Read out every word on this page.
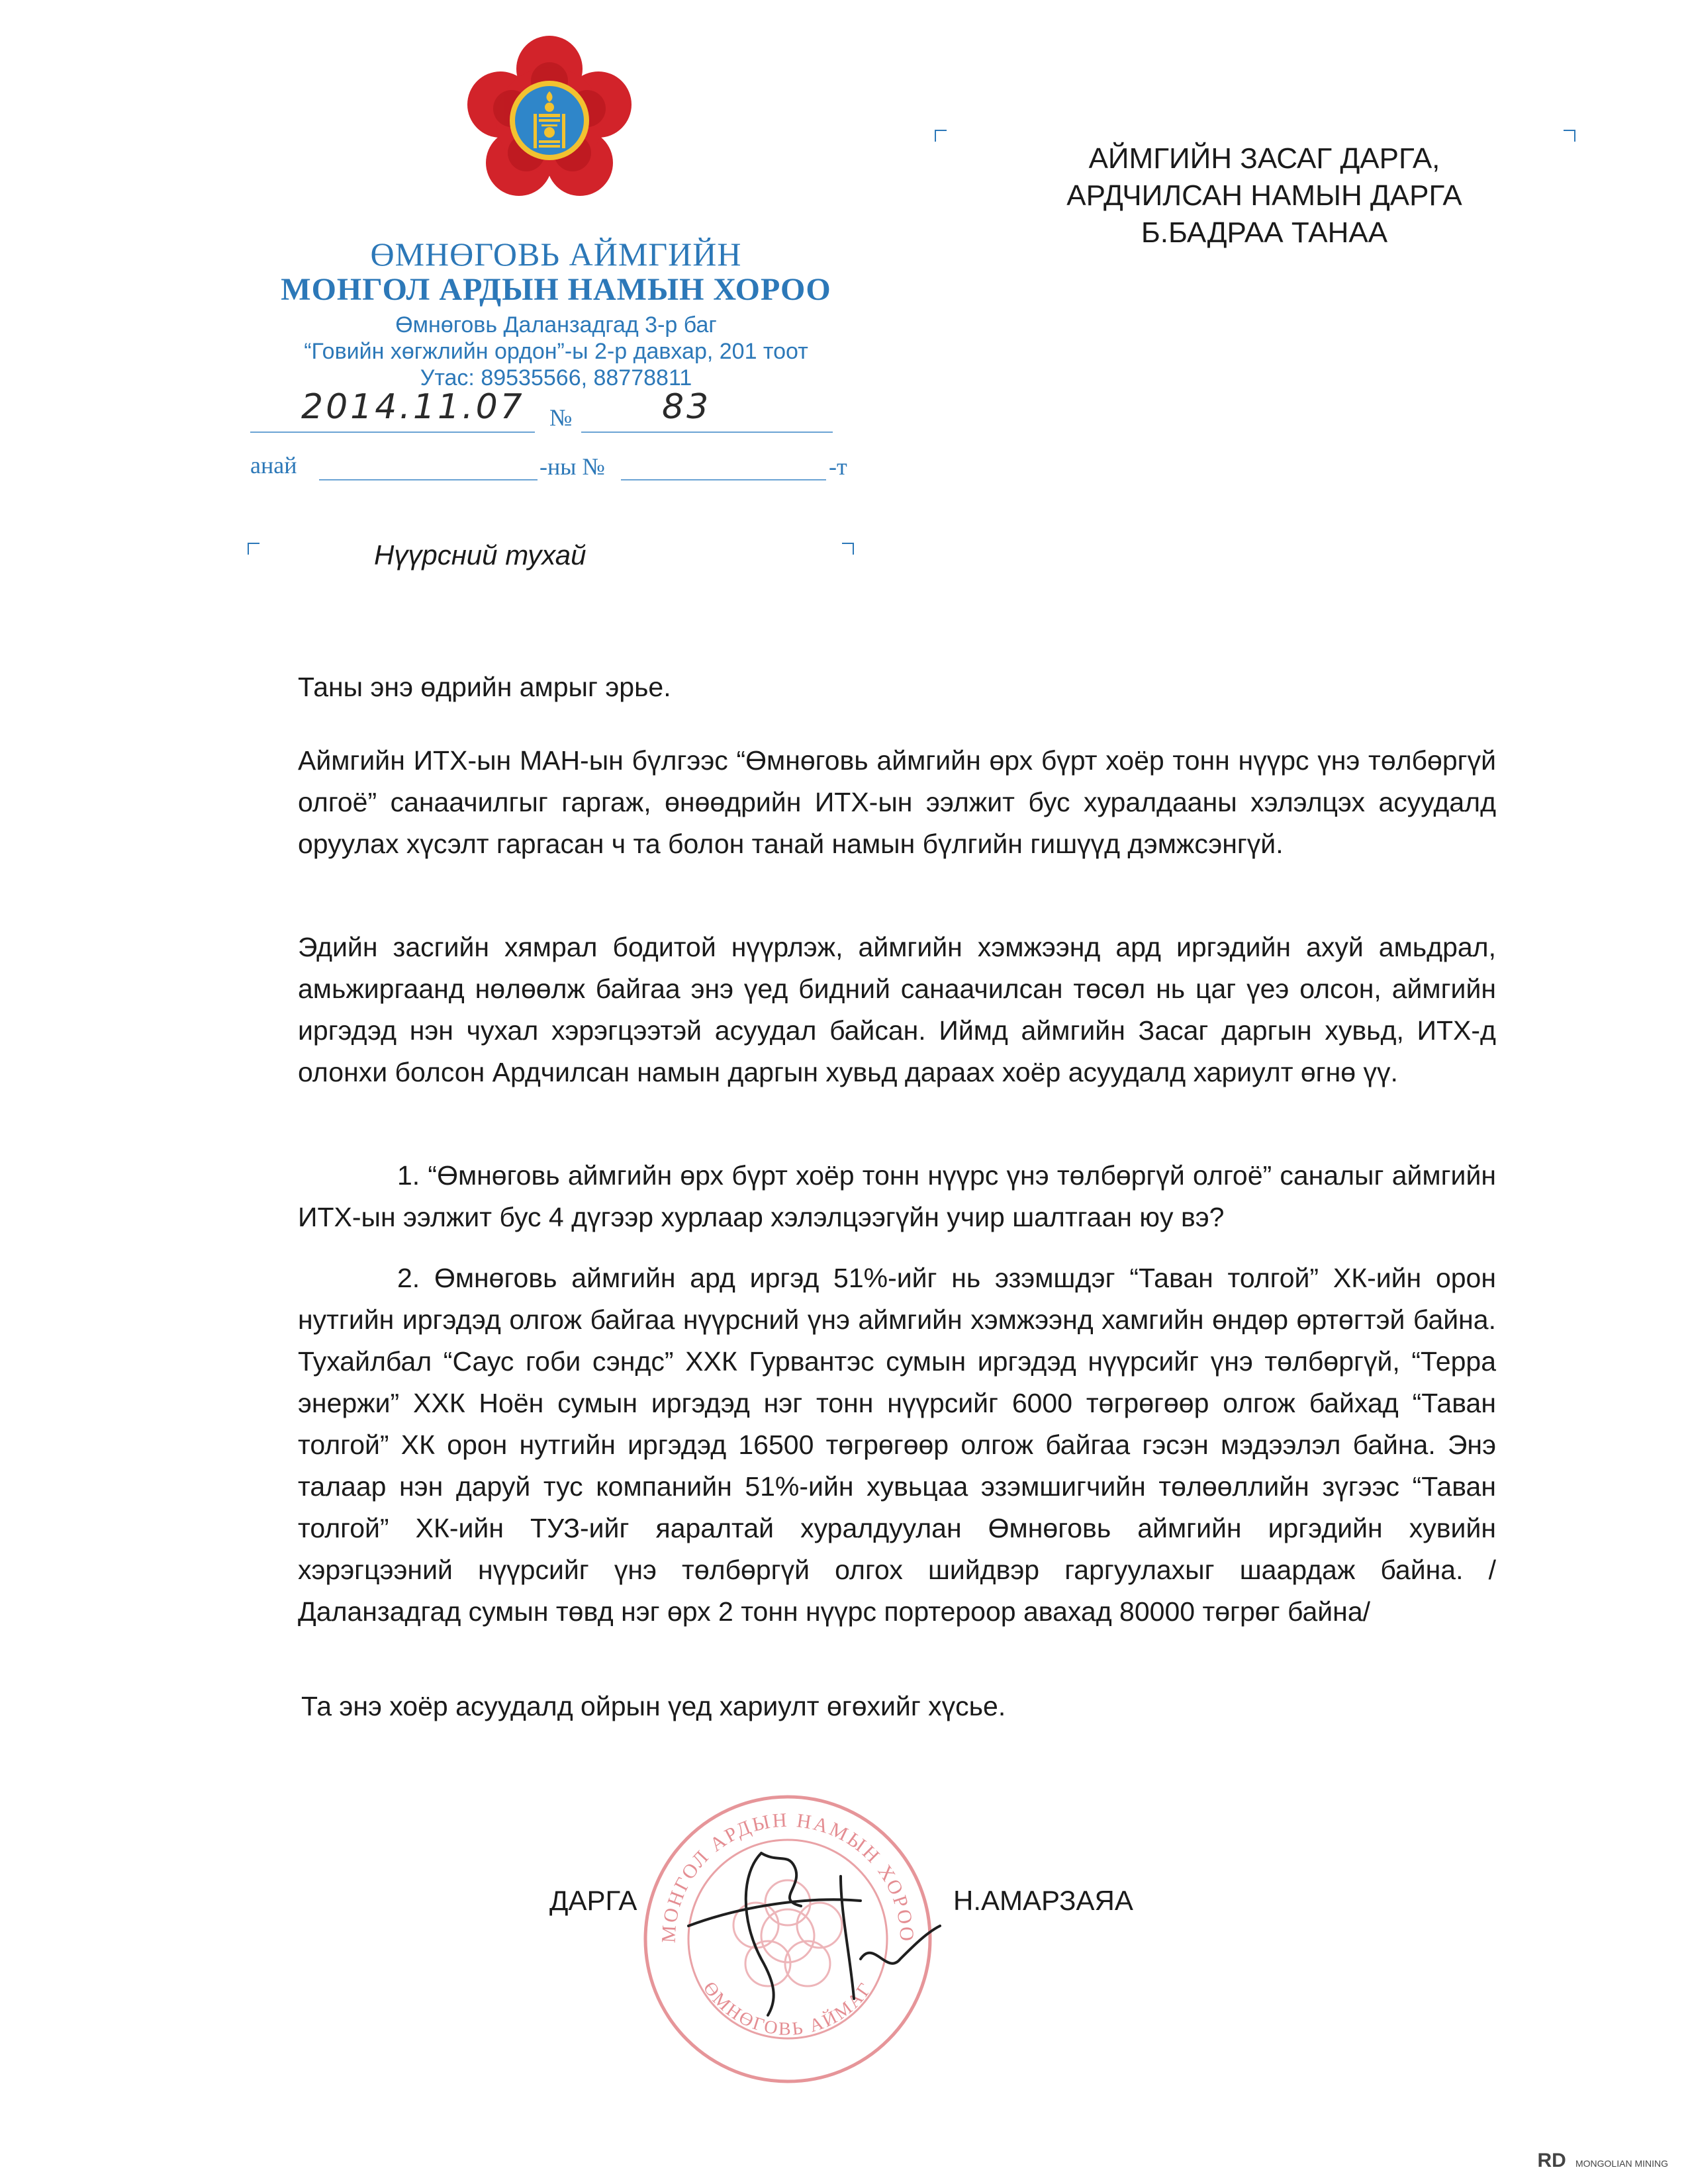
ӨМНӨГОВЬ АЙМГИЙН
МОНГОЛ АРДЫН НАМЫН ХОРОО
Өмнөговь Даланзадгад 3-р баг
“Говийн хөгжлийн ордон”-ы 2-р давхар, 201 тоот
Утас: 89535566, 88778811
2014.11.07 №	83
анай	-ны №	-т
АЙМГИЙН ЗАСАГ ДАРГА,
АРДЧИЛСАН НАМЫН ДАРГА
Б.БАДРАА ТАНАА
Нүүрсний тухай
Таны энэ өдрийн амрыг эрье.
Аймгийн ИТХ-ын МАН-ын бүлгээс “Өмнөговь аймгийн өрх бүрт хоёр тонн нүүрс үнэ төлбөргүй олгоё” санаачилгыг гаргаж, өнөөдрийн ИТХ-ын ээлжит бус хуралдааны хэлэлцэх асуудалд оруулах хүсэлт гаргасан ч та болон танай намын бүлгийн гишүүд дэмжсэнгүй.
Эдийн засгийн хямрал бодитой нүүрлэж, аймгийн хэмжээнд ард иргэдийн ахуй амьдрал, амьжиргаанд нөлөөлж байгаа энэ үед бидний санаачилсан төсөл нь цаг үеэ олсон, аймгийн иргэдэд нэн чухал хэрэгцээтэй асуудал байсан. Иймд аймгийн Засаг даргын хувьд, ИТХ-д олонхи болсон Ардчилсан намын даргын хувьд дараах хоёр асуудалд хариулт өгнө үү.
1. “Өмнөговь аймгийн өрх бүрт хоёр тонн нүүрс үнэ төлбөргүй олгоё” саналыг аймгийн ИТХ-ын ээлжит бус 4 дүгээр хурлаар хэлэлцээгүйн учир шалтгаан юу вэ?
2. Өмнөговь аймгийн ард иргэд 51%-ийг нь эзэмшдэг “Таван толгой” ХК-ийн орон нутгийн иргэдэд олгож байгаа нүүрсний үнэ аймгийн хэмжээнд хамгийн өндөр өртөгтэй байна. Тухайлбал “Саус гоби сэндс” ХХК Гурвантэс сумын иргэдэд нүүрсийг үнэ төлбөргүй, “Терра энержи” ХХК Ноён сумын иргэдэд нэг тонн нүүрсийг 6000 төгрөгөөр олгож байхад “Таван толгой” ХК орон нутгийн иргэдэд 16500 төгрөгөөр олгож байгаа гэсэн мэдээлэл байна. Энэ талаар нэн даруй тус компанийн 51%-ийн хувьцаа эзэмшигчийн төлөөллийн зүгээс “Таван толгой” ХК-ийн ТУЗ-ийг яаралтай хуралдуулан Өмнөговь аймгийн иргэдийн хувийн хэрэгцээний нүүрсийг үнэ төлбөргүй олгох шийдвэр гаргуулахыг шаардаж байна. /Даланзадгад сумын төвд нэг өрх 2 тонн нүүрс портероор авахад 80000 төгрөг байна/
Та энэ хоёр асуудалд ойрын үед хариулт өгөхийг хүсье.
МОНГОЛ АРДЫН НАМЫН ХОРОО
ӨМНӨГОВЬ АЙМАГ
ДАРГА	Н.АМАРЗАЯА
RD MONGOLIAN MINING
